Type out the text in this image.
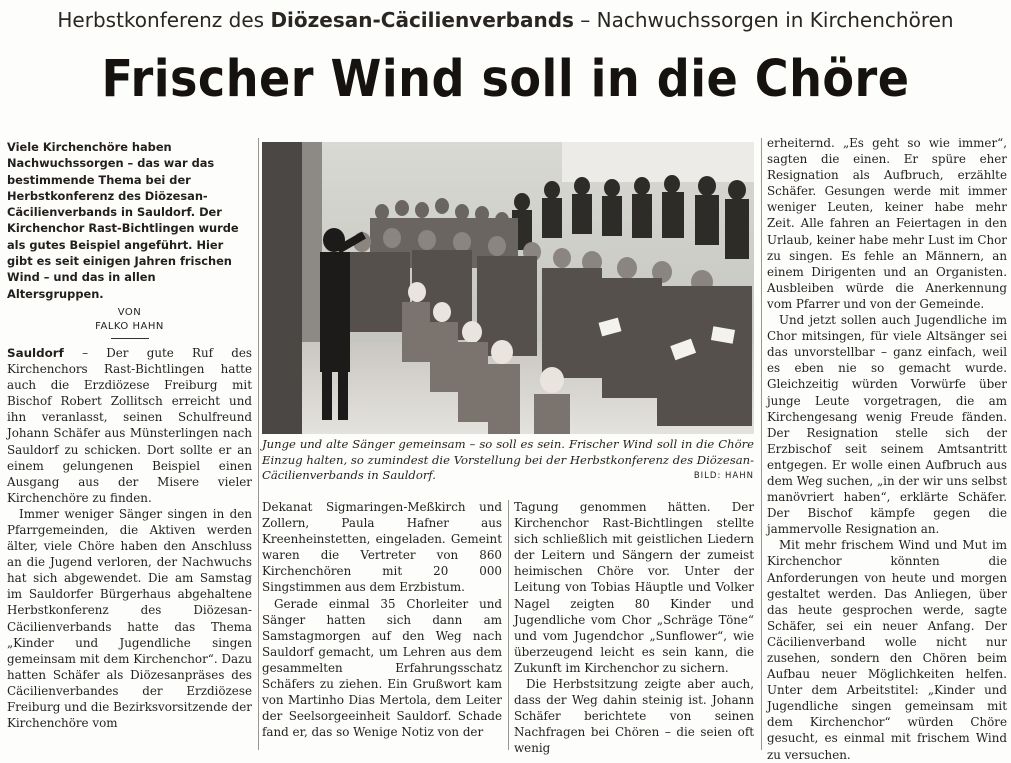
Herbstkonferenz des Diözesan-Cäcilienverbands – Nachwuchssorgen in Kirchenchören
Frischer Wind soll in die Chöre
Viele Kirchenchöre haben Nachwuchssorgen – das war das bestimmende Thema bei der Herbstkonferenz des Diözesan-Cäcilienverbands in Sauldorf. Der Kirchenchor Rast-Bichtlingen wurde als gutes Beispiel angeführt. Hier gibt es seit einigen Jahren frischen Wind – und das in allen Altersgruppen.
VON
FALKO HAHN

Sauldorf – Der gute Ruf des Kirchenchors Rast-Bichtlingen hatte auch die Erzdiözese Freiburg mit Bischof Robert Zollitsch erreicht und ihn veranlasst, seinen Schulfreund Johann Schäfer aus Münsterlingen nach Sauldorf zu schicken. Dort sollte er an einem gelungenen Beispiel einen Ausgang aus der Misere vieler Kirchenchöre zu finden.

Immer weniger Sänger singen in den Pfarrgemeinden, die Aktiven werden älter, viele Chöre haben den Anschluss an die Jugend verloren, der Nachwuchs hat sich abgewendet. Die am Samstag im Sauldorfer Bürgerhaus abgehaltene Herbstkonferenz des Diözesan-Cäcilienverbands hatte das Thema „Kinder und Jugendliche singen gemeinsam mit dem Kirchenchor“. Dazu hatten Schäfer als Diözesanpräses des Cäcilienverbandes der Erzdiözese Freiburg und die Bezirksvorsitzende der Kirchenchöre vom

Junge und alte Sänger gemeinsam – so soll es sein. Frischer Wind soll in die Chöre Einzug halten, so zumindest die Vorstellung bei der Herbstkonferenz des Diözesan-Cäcilienverbands in Sauldorf.	BILD: HAHN

Dekanat Sigmaringen-Meßkirch und Zollern, Paula Hafner aus Kreenheinstetten, eingeladen. Gemeint waren die Vertreter von 860 Kirchenchören mit 20 000 Singstimmen aus dem Erzbistum.

Gerade einmal 35 Chorleiter und Sänger hatten sich dann am Samstagmorgen auf den Weg nach Sauldorf gemacht, um Lehren aus dem gesammelten Erfahrungsschatz Schäfers zu ziehen. Ein Grußwort kam von Martinho Dias Mertola, dem Leiter der Seelsorgeeinheit Sauldorf. Schade fand er, das so Wenige Notiz von der

Tagung genommen hätten. Der Kirchenchor Rast-Bichtlingen stellte sich schließlich mit geistlichen Liedern der Leitern und Sängern der zumeist heimischen Chöre vor. Unter der Leitung von Tobias Häuptle und Volker Nagel zeigten 80 Kinder und Jugendliche vom Chor „Schräge Töne“ und vom Jugendchor „Sunflower“, wie überzeugend leicht es sein kann, die Zukunft im Kirchenchor zu sichern.

Die Herbstsitzung zeigte aber auch, dass der Weg dahin steinig ist. Johann Schäfer berichtete von seinen Nachfragen bei Chören – die seien oft wenig

erheiternd. „Es geht so wie immer“, sagten die einen. Er spüre eher Resignation als Aufbruch, erzählte Schäfer. Gesungen werde mit immer weniger Leuten, keiner habe mehr Zeit. Alle fahren an Feiertagen in den Urlaub, keiner habe mehr Lust im Chor zu singen. Es fehle an Männern, an einem Dirigenten und an Organisten. Ausbleiben würde die Anerkennung vom Pfarrer und von der Gemeinde.

Und jetzt sollen auch Jugendliche im Chor mitsingen, für viele Altsänger sei das unvorstellbar – ganz einfach, weil es eben nie so gemacht wurde. Gleichzeitig würden Vorwürfe über junge Leute vorgetragen, die am Kirchengesang wenig Freude fänden. Der Resignation stelle sich der Erzbischof seit seinem Amtsantritt entgegen. Er wolle einen Aufbruch aus dem Weg suchen, „in der wir uns selbst manövriert haben“, erklärte Schäfer. Der Bischof kämpfe gegen die jammervolle Resignation an.

Mit mehr frischem Wind und Mut im Kirchenchor könnten die Anforderungen von heute und morgen gestaltet werden. Das Anliegen, über das heute gesprochen werde, sagte Schäfer, sei ein neuer Anfang. Der Cäcilienverband wolle nicht nur zusehen, sondern den Chören beim Aufbau neuer Möglichkeiten helfen. Unter dem Arbeitstitel: „Kinder und Jugendliche singen gemeinsam mit dem Kirchenchor“ würden Chöre gesucht, es einmal mit frischem Wind zu versuchen.
